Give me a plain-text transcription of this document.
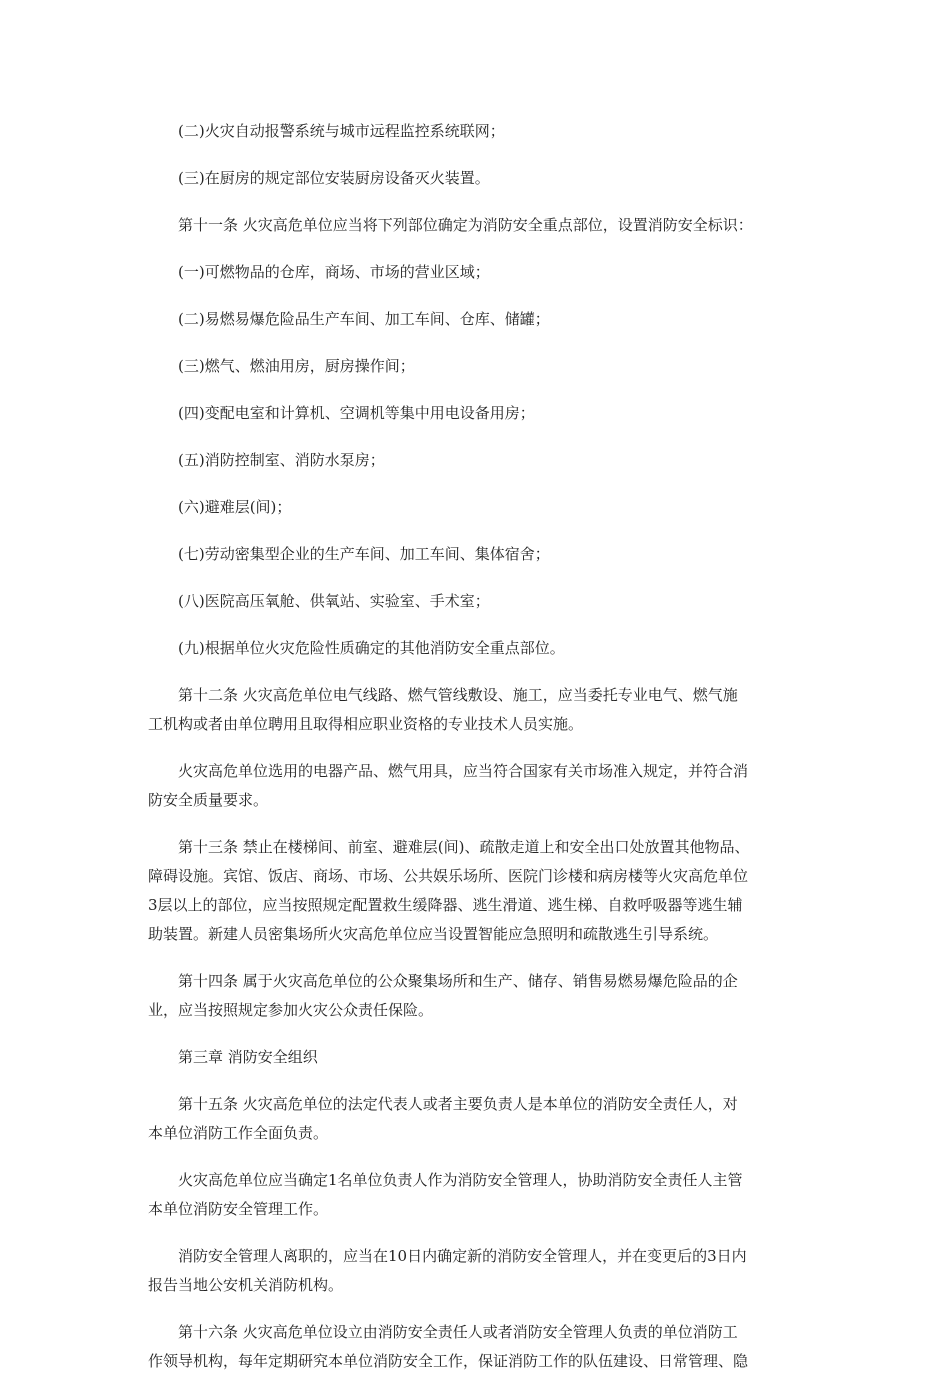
(二)火灾自动报警系统与城市远程监控系统联网；
(三)在厨房的规定部位安装厨房设备灭火装置。
第十一条 火灾高危单位应当将下列部位确定为消防安全重点部位，设置消防安全标识：
(一)可燃物品的仓库，商场、市场的营业区域；
(二)易燃易爆危险品生产车间、加工车间、仓库、储罐；
(三)燃气、燃油用房，厨房操作间；
(四)变配电室和计算机、空调机等集中用电设备用房；
(五)消防控制室、消防水泵房；
(六)避难层(间)；
(七)劳动密集型企业的生产车间、加工车间、集体宿舍；
(八)医院高压氧舱、供氧站、实验室、手术室；
(九)根据单位火灾危险性质确定的其他消防安全重点部位。
第十二条 火灾高危单位电气线路、燃气管线敷设、施工，应当委托专业电气、燃气施
工机构或者由单位聘用且取得相应职业资格的专业技术人员实施。
火灾高危单位选用的电器产品、燃气用具，应当符合国家有关市场准入规定，并符合消
防安全质量要求。
第十三条 禁止在楼梯间、前室、避难层(间)、疏散走道上和安全出口处放置其他物品、
障碍设施。宾馆、饭店、商场、市场、公共娱乐场所、医院门诊楼和病房楼等火灾高危单位
3层以上的部位，应当按照规定配置救生缓降器、逃生滑道、逃生梯、自救呼吸器等逃生辅
助装置。新建人员密集场所火灾高危单位应当设置智能应急照明和疏散逃生引导系统。
第十四条 属于火灾高危单位的公众聚集场所和生产、储存、销售易燃易爆危险品的企
业，应当按照规定参加火灾公众责任保险。
第三章 消防安全组织
第十五条 火灾高危单位的法定代表人或者主要负责人是本单位的消防安全责任人，对
本单位消防工作全面负责。
火灾高危单位应当确定1名单位负责人作为消防安全管理人，协助消防安全责任人主管
本单位消防安全管理工作。
消防安全管理人离职的，应当在10日内确定新的消防安全管理人，并在变更后的3日内
报告当地公安机关消防机构。
第十六条 火灾高危单位设立由消防安全责任人或者消防安全管理人负责的单位消防工
作领导机构，每年定期研究本单位消防安全工作，保证消防工作的队伍建设、日常管理、隐
